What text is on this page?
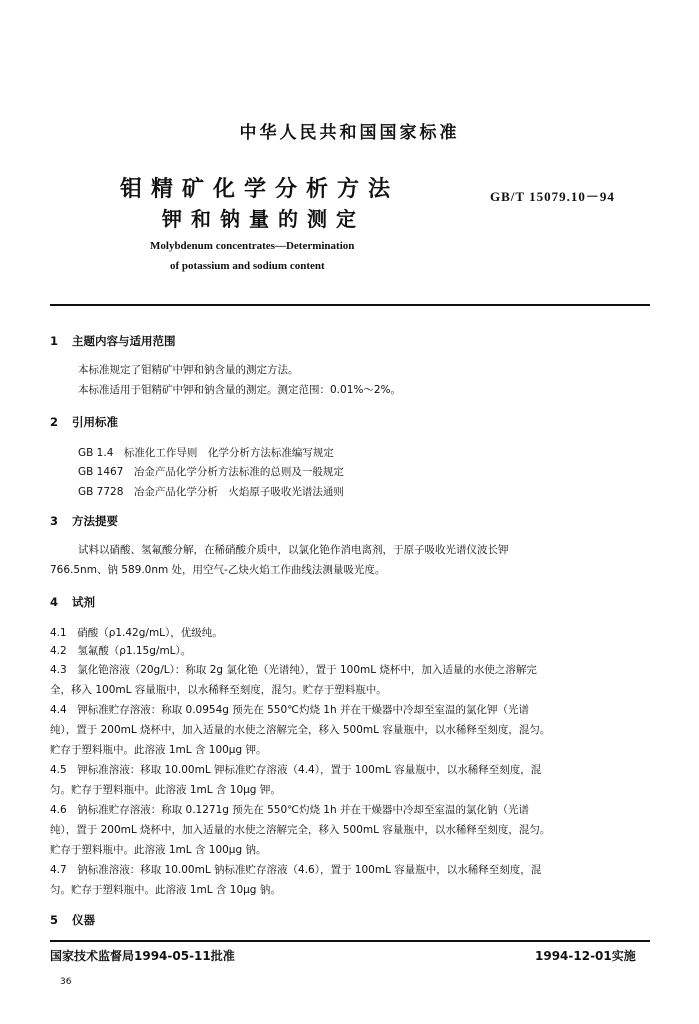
中华人民共和国国家标准
钼精矿化学分析方法
钾和钠量的测定
GB/T 15079.10－94
Molybdenum concentrates—Determination
of potassium and sodium content
1 主题内容与适用范围
本标准规定了钼精矿中钾和钠含量的测定方法。
本标准适用于钼精矿中钾和钠含量的测定。测定范围：0.01%～2%。
2 引用标准
GB 1.4　标准化工作导则　化学分析方法标准编写规定
GB 1467　冶金产品化学分析方法标准的总则及一般规定
GB 7728　冶金产品化学分析　火焰原子吸收光谱法通则
3 方法提要
试料以硝酸、氢氟酸分解，在稀硝酸介质中，以氯化铯作消电离剂，于原子吸收光谱仪波长钾
766.5nm、钠 589.0nm 处，用空气-乙炔火焰工作曲线法测量吸光度。
4 试剂
4.1　硝酸（ρ1.42g/mL），优级纯。
4.2　氢氟酸（ρ1.15g/mL）。
4.3　氯化铯溶液（20g/L）：称取 2g 氯化铯（光谱纯），置于 100mL 烧杯中，加入适量的水使之溶解完
全，移入 100mL 容量瓶中，以水稀释至刻度，混匀。贮存于塑料瓶中。
4.4　钾标准贮存溶液：称取 0.0954g 预先在 550℃灼烧 1h 并在干燥器中冷却至室温的氯化钾（光谱
纯），置于 200mL 烧杯中，加入适量的水使之溶解完全，移入 500mL 容量瓶中，以水稀释至刻度，混匀。
贮存于塑料瓶中。此溶液 1mL 含 100μg 钾。
4.5　钾标准溶液：移取 10.00mL 钾标准贮存溶液（4.4），置于 100mL 容量瓶中，以水稀释至刻度，混
匀。贮存于塑料瓶中。此溶液 1mL 含 10μg 钾。
4.6　钠标准贮存溶液：称取 0.1271g 预先在 550℃灼烧 1h 并在干燥器中冷却至室温的氯化钠（光谱
纯），置于 200mL 烧杯中，加入适量的水使之溶解完全，移入 500mL 容量瓶中，以水稀释至刻度，混匀。
贮存于塑料瓶中。此溶液 1mL 含 100μg 钠。
4.7　钠标准溶液：移取 10.00mL 钠标准贮存溶液（4.6），置于 100mL 容量瓶中，以水稀释至刻度，混
匀。贮存于塑料瓶中。此溶液 1mL 含 10μg 钠。
5 仪器
国家技术监督局1994-05-11批准	1994-12-01实施
36
